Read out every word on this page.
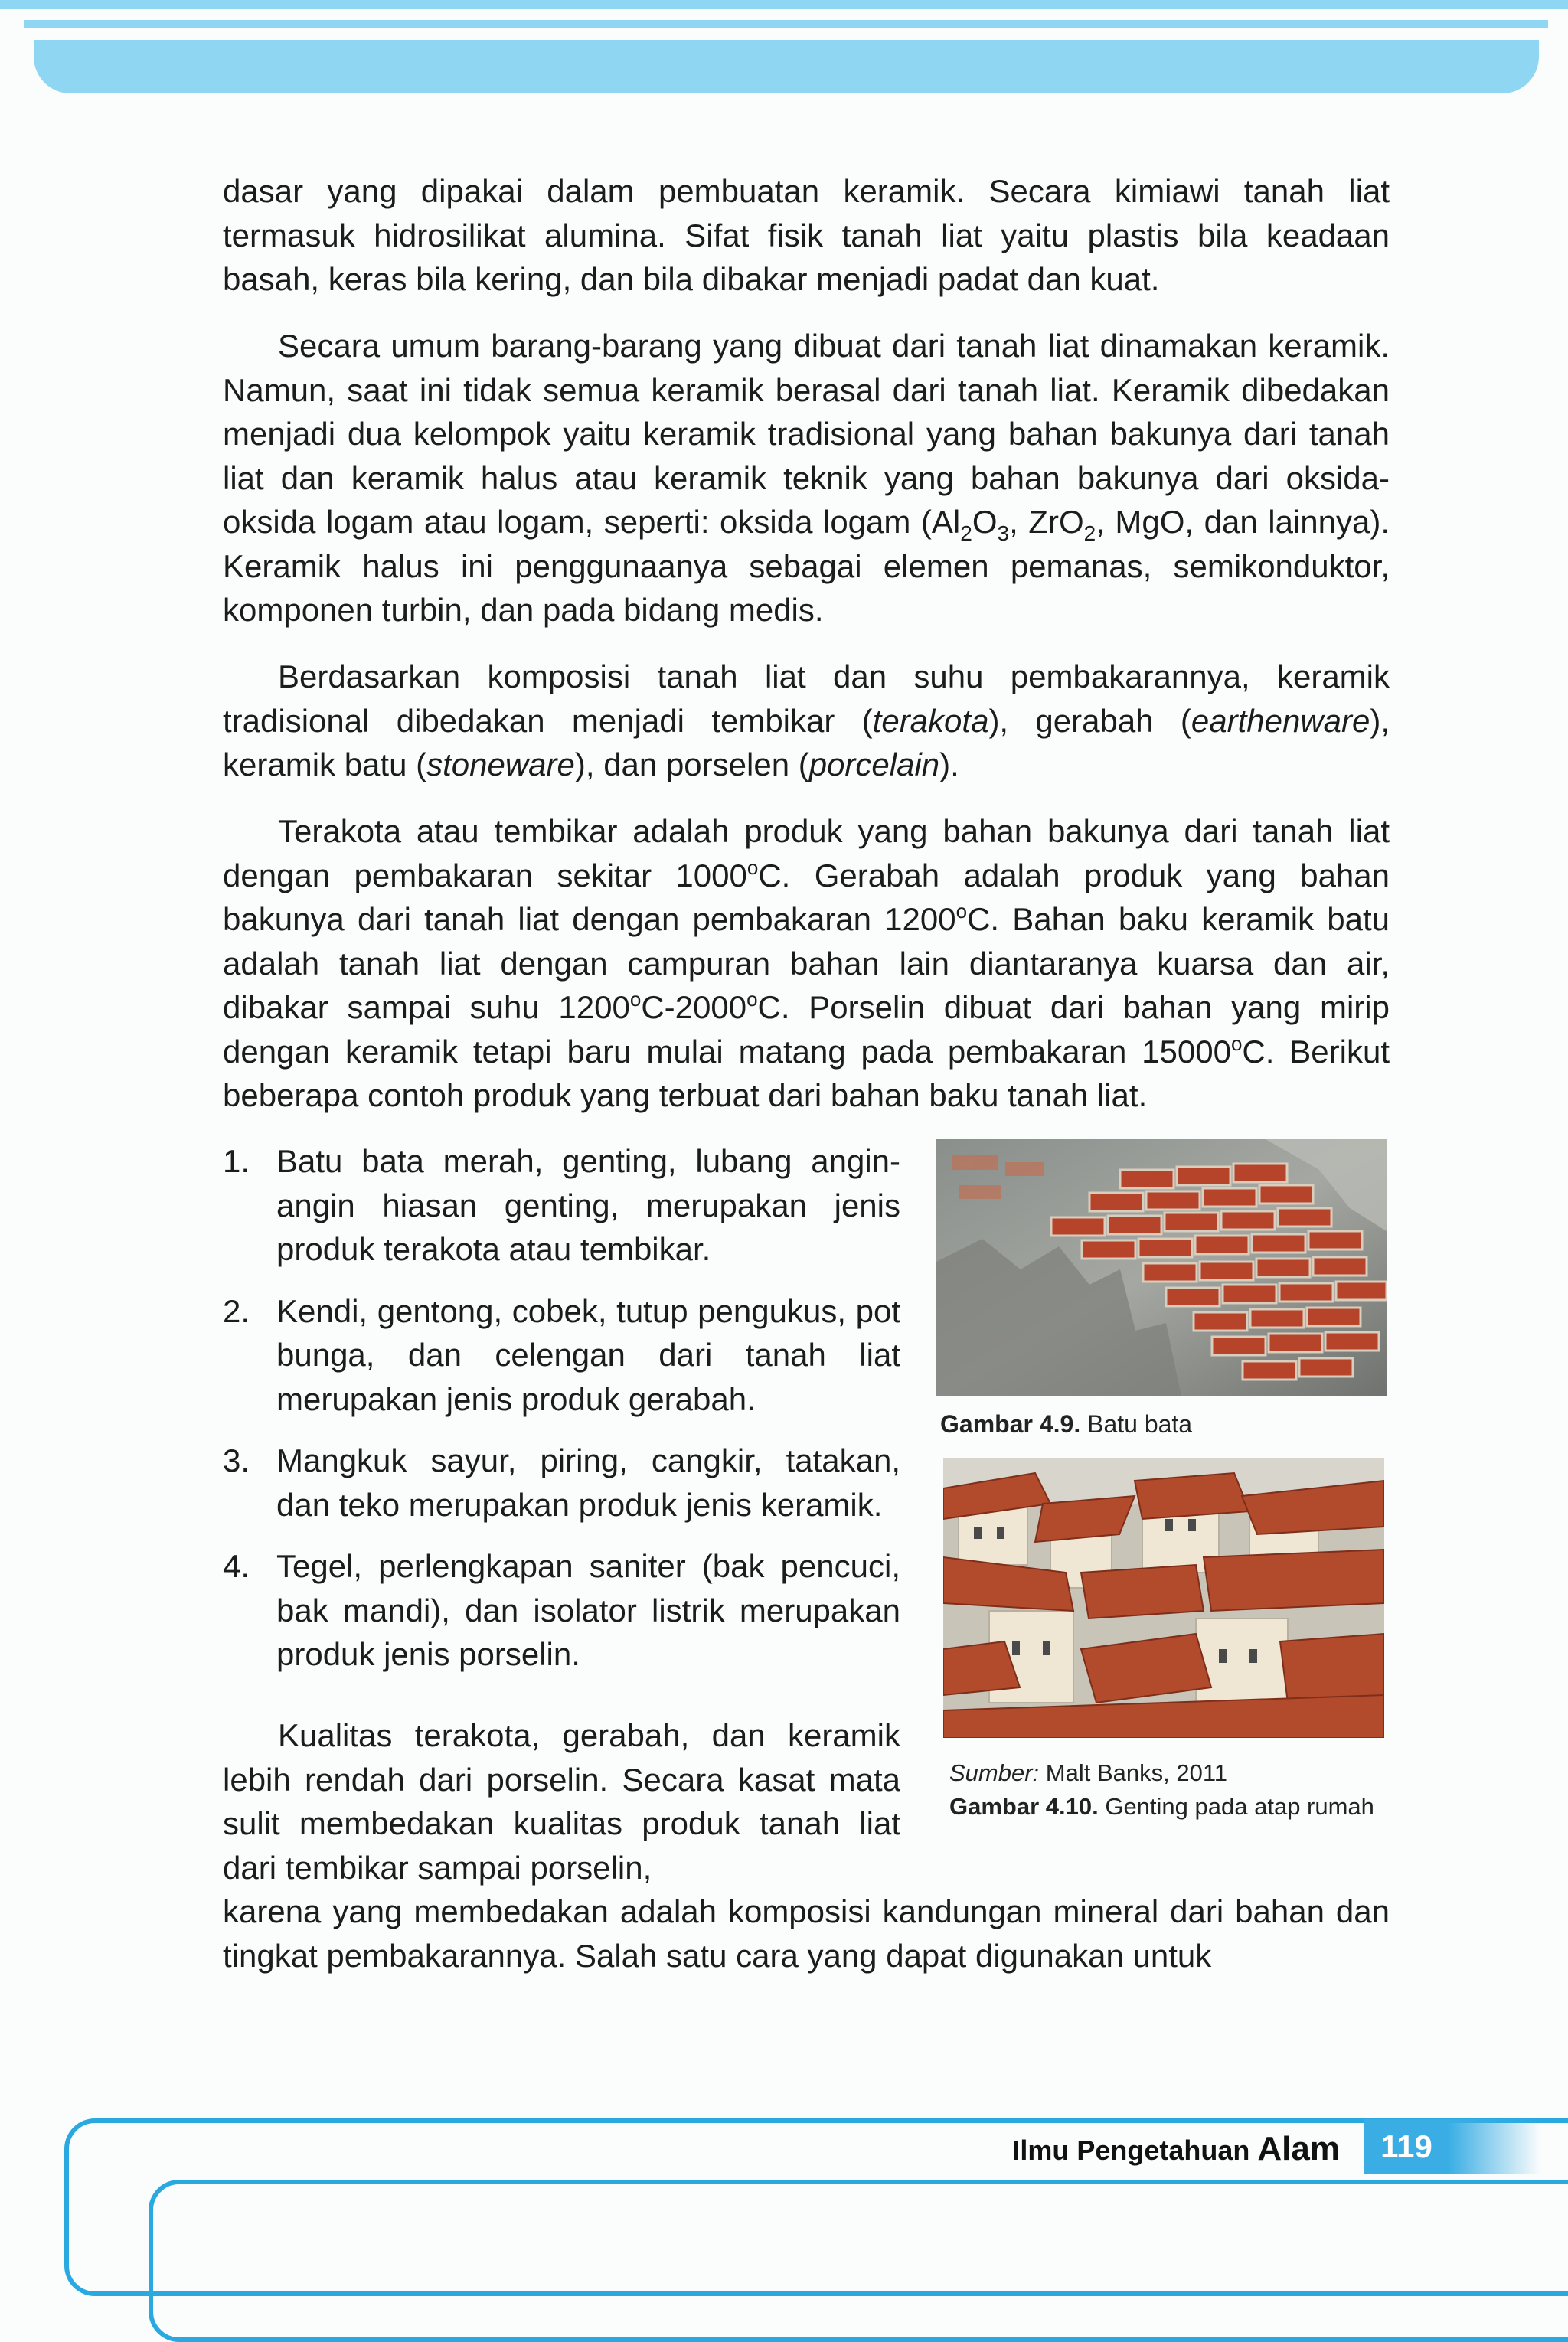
dasar yang dipakai dalam pembuatan keramik. Secara kimiawi tanah liat termasuk hidrosilikat alumina. Sifat fisik tanah liat yaitu plastis bila keadaan basah, keras bila kering, dan bila dibakar menjadi padat dan kuat.

Secara umum barang-barang yang dibuat dari tanah liat dinamakan keramik. Namun, saat ini tidak semua keramik berasal dari tanah liat. Keramik dibedakan menjadi dua kelompok yaitu keramik tradisional yang bahan bakunya dari tanah liat dan keramik halus atau keramik teknik yang bahan bakunya dari oksida-oksida logam atau logam, seperti: oksida logam ($Al_2O_3$, ZrO$_2$, MgO, dan lainnya). Keramik halus ini penggunaanya sebagai elemen pemanas, semikonduktor, komponen turbin, dan pada bidang medis.

Berdasarkan komposisi tanah liat dan suhu pembakarannya, keramik tradisional dibedakan menjadi tembikar (terakota), gerabah (earthenware), keramik batu (stoneware), dan porselen (porcelain).

Terakota atau tembikar adalah produk yang bahan bakunya dari tanah liat dengan pembakaran sekitar 1000$^o$C. Gerabah adalah produk yang bahan bakunya dari tanah liat dengan pembakaran 1200$^o$C. Bahan baku keramik batu adalah tanah liat dengan campuran bahan lain diantaranya kuarsa dan air, dibakar sampai suhu 1200$^o$C-2000$^o$C. Porselin dibuat dari bahan yang mirip dengan keramik tetapi baru mulai matang pada pembakaran 15000$^o$C. Berikut beberapa contoh produk yang terbuat dari bahan baku tanah liat.

1. Batu bata merah, genting, lubang angin-angin hiasan genting, merupakan jenis produk terakota atau tembikar.
2. Kendi, gentong, cobek, tutup pengukus, pot bunga, dan celengan dari tanah liat merupakan jenis produk gerabah.
3. Mangkuk sayur, piring, cangkir, tatakan, dan teko merupakan produk jenis keramik.
4. Tegel, perlengkapan saniter (bak pencuci, bak mandi), dan isolator listrik merupakan produk jenis porselin.

Kualitas terakota, gerabah, dan keramik lebih rendah dari porselin. Secara kasat mata sulit membedakan kualitas produk tanah liat dari tembikar sampai porselin,

karena yang membedakan adalah komposisi kandungan mineral dari bahan dan tingkat pembakarannya. Salah satu cara yang dapat digunakan untuk

Gambar 4.9. Batu bata
Sumber: Malt Banks, 2011
Gambar 4.10. Genting pada atap rumah
Ilmu Pengetahuan Alam	119
